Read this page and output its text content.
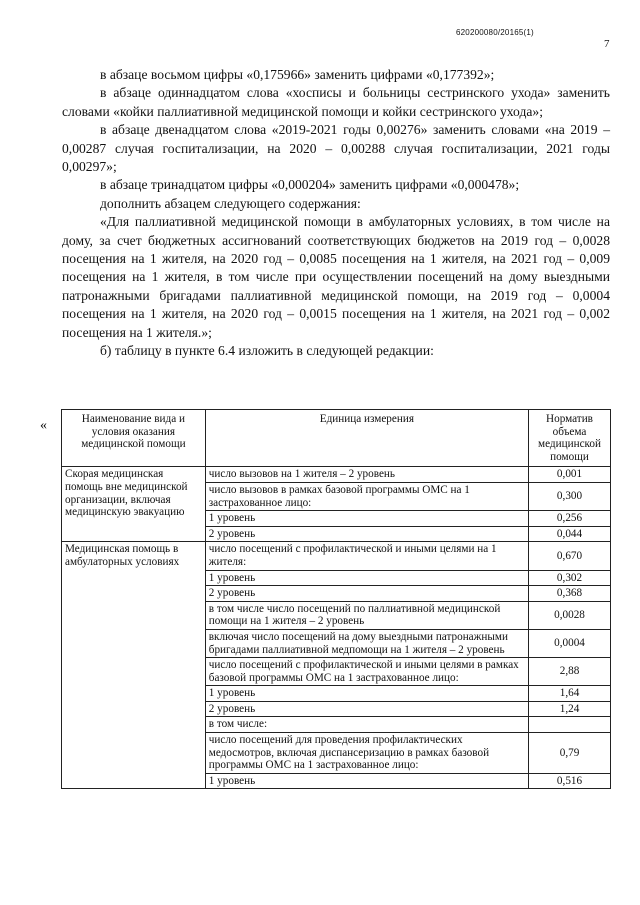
620200080/20165(1)
7

в абзаце восьмом цифры «0,175966» заменить цифрами «0,177392»;

в абзаце одиннадцатом слова «хосписы и больницы сестринского ухода» заменить словами «койки паллиативной медицинской помощи и койки сестринского ухода»;

в абзаце двенадцатом слова «2019-2021 годы 0,00276» заменить словами «на 2019 – 0,00287 случая госпитализации, на 2020 – 0,00288 случая госпитализации, 2021 годы 0,00297»;

в абзаце тринадцатом цифры «0,000204» заменить цифрами «0,000478»;

дополнить абзацем следующего содержания:

«Для паллиативной медицинской помощи в амбулаторных условиях, в том числе на дому, за счет бюджетных ассигнований соответствующих бюджетов на 2019 год – 0,0028 посещения на 1 жителя, на 2020 год – 0,0085 посещения на 1 жителя, на 2021 год – 0,009 посещения на 1 жителя, в том числе при осуществлении посещений на дому выездными патронажными бригадами паллиативной медицинской помощи, на 2019 год – 0,0004 посещения на 1 жителя, на 2020 год – 0,0015 посещения на 1 жителя, на 2021 год – 0,002 посещения на 1 жителя.»;

б) таблицу в пункте 6.4 изложить в следующей редакции:

«	Наименование вида и условия оказания медицинской помощи	Единица измерения	Норматив объема медицинской помощи
Скорая медицинская помощь вне медицинской организации, включая медицинскую эвакуацию	число вызовов на 1 жителя – 2 уровень	0,001
	число вызовов в рамках базовой программы ОМС на 1 застрахованное лицо:	0,300
	1 уровень	0,256
	2 уровень	0,044
Медицинская помощь в амбулаторных условиях	число посещений с профилактической и иными целями на 1 жителя:	0,670
	1 уровень	0,302
	2 уровень	0,368
	в том числе число посещений по паллиативной медицинской помощи на 1 жителя – 2 уровень	0,0028
	включая число посещений на дому выездными патронажными бригадами паллиативной медпомощи на 1 жителя – 2 уровень	0,0004
	число посещений с профилактической и иными целями в рамках базовой программы ОМС на 1 застрахованное лицо:	2,88
	1 уровень	1,64
	2 уровень	1,24
	в том числе:	
	число посещений для проведения профилактических медосмотров, включая диспансеризацию в рамках базовой программы ОМС на 1 застрахованное лицо:	0,79
	1 уровень	0,516
